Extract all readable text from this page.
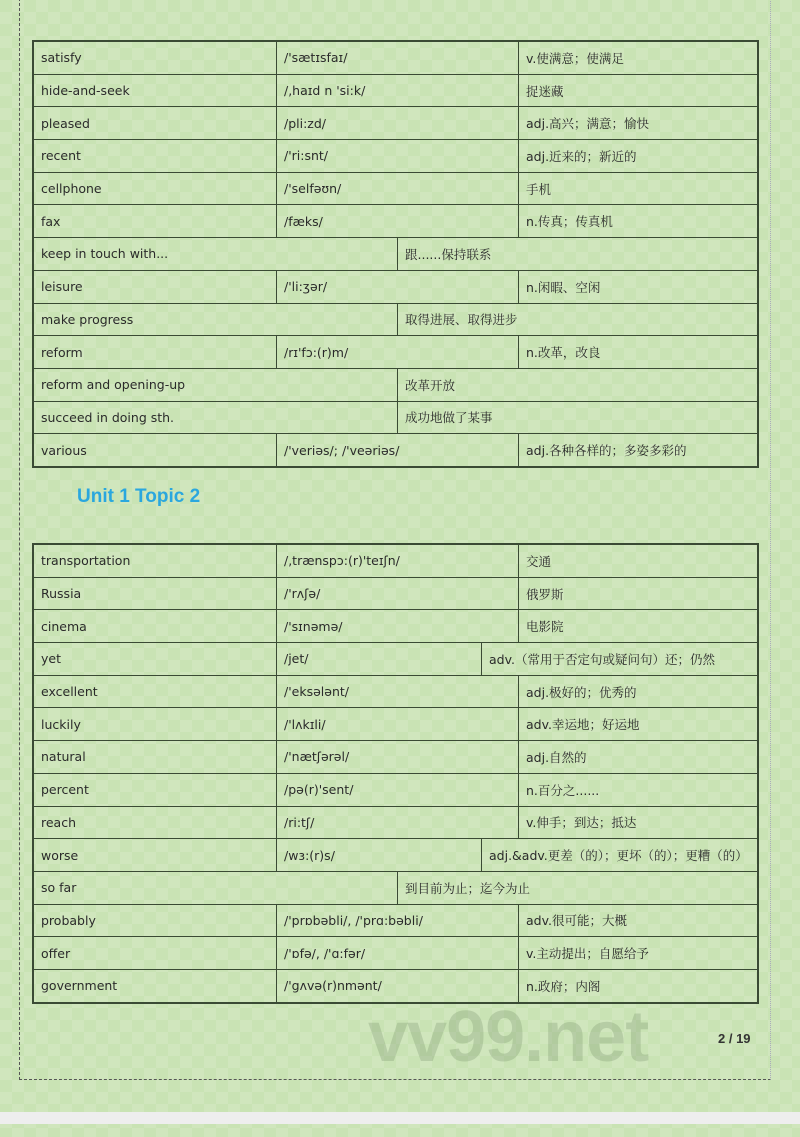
satisfy	/'sætɪsfaɪ/	v.使满意；使满足
hide-and-seek	/,haɪd n 'si:k/	捉迷藏
pleased	/pli:zd/	adj.高兴；满意；愉快
recent	/'ri:snt/	adj.近来的；新近的
cellphone	/'selfəʊn/	手机
fax	/fæks/	n.传真；传真机
keep in touch with...	跟......保持联系
leisure	/'li:ʒər/	n.闲暇、空闲
make progress	取得进展、取得进步
reform	/rɪ'fɔ:(r)m/	n.改革，改良
reform and opening-up	改革开放
succeed in doing sth.	成功地做了某事
various	/'veriəs/; /'veəriəs/	adj.各种各样的；多姿多彩的
Unit 1 Topic 2
transportation	/,trænspɔ:(r)'teɪʃn/	交通
Russia	/'rʌʃə/	俄罗斯
cinema	/'sɪnəmə/	电影院
yet	/jet/	adv.（常用于否定句或疑问句）还；仍然
excellent	/'eksələnt/	adj.极好的；优秀的
luckily	/'lʌkɪli/	adv.幸运地；好运地
natural	/'nætʃərəl/	adj.自然的
percent	/pə(r)'sent/	n.百分之......
reach	/ri:tʃ/	v.伸手；到达；抵达
worse	/wɜ:(r)s/	adj.&adv.更差（的）；更坏（的）；更糟（的）
so far	到目前为止；迄今为止
probably	/'prɒbəbli/, /'prɑ:bəbli/	adv.很可能；大概
offer	/'ɒfə/, /'ɑ:fər/	v.主动提出；自愿给予
government	/'gʌvə(r)nmənt/	n.政府；内阁
vv99.net	2 / 19
